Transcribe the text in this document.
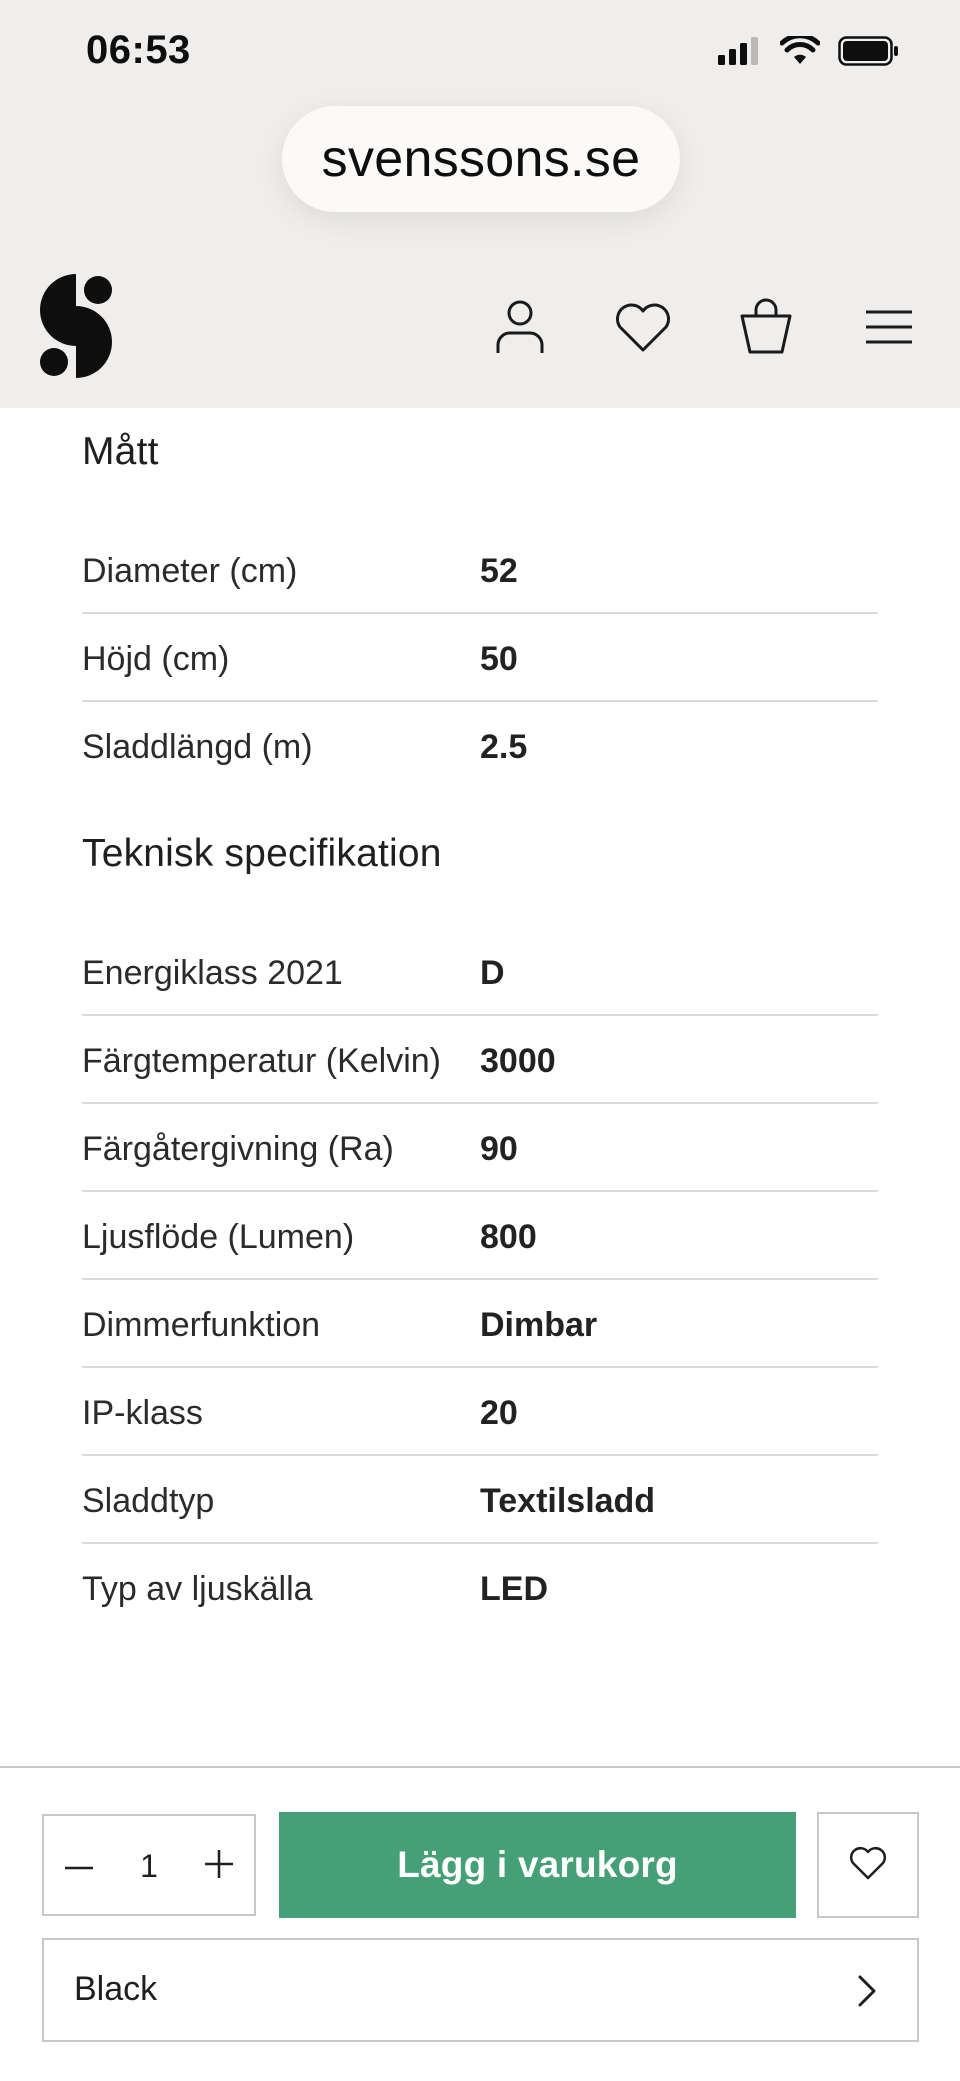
06:53
svenssons.se
Mått
Diameter (cm)	52
Höjd (cm)	50
Sladdlängd (m)	2.5
Teknisk specifikation
Energiklass 2021	D
Färgtemperatur (Kelvin) 3000
Färgåtergivning (Ra)	90
Ljusflöde (Lumen)	800
Dimmerfunktion	Dimbar
IP-klass	20
Sladdtyp	Textilsladd
Typ av ljuskälla	LED
1	Lägg i varukorg
Black
